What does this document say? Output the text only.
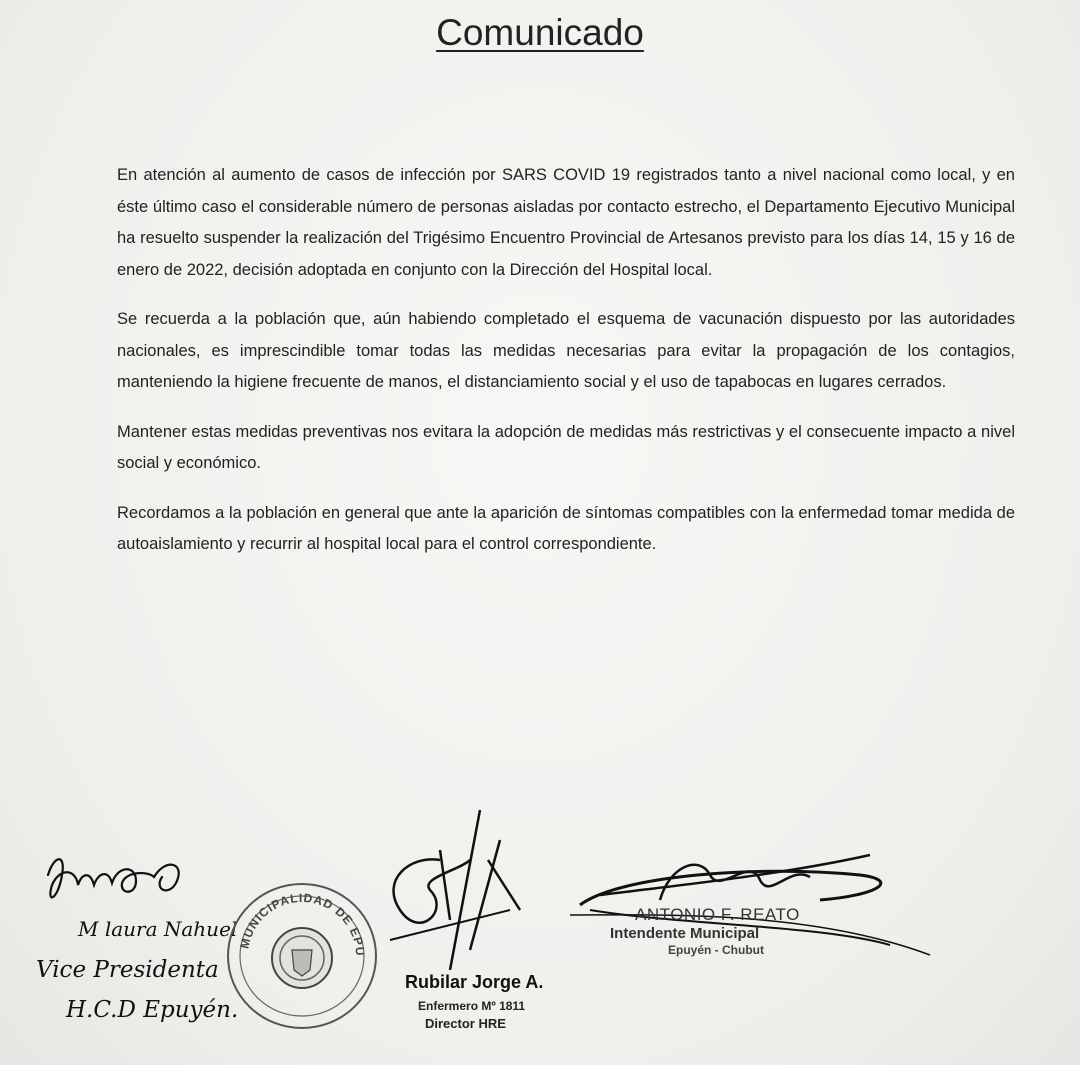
Comunicado

En atención al aumento de casos de infección por SARS COVID 19 registrados tanto a nivel nacional como local, y en éste último caso el considerable número de personas aisladas por contacto estrecho, el Departamento Ejecutivo Municipal ha resuelto suspender la realización del Trigésimo Encuentro Provincial de Artesanos previsto para los días 14, 15 y 16 de enero de 2022, decisión adoptada en conjunto con la Dirección del Hospital local.

Se recuerda a la población que, aún habiendo completado el esquema de vacunación dispuesto por las autoridades nacionales, es imprescindible tomar todas las medidas necesarias para evitar la propagación de los contagios, manteniendo la higiene frecuente de manos, el distanciamiento social y el uso de tapabocas en lugares cerrados.

Mantener estas medidas preventivas nos evitara la adopción de medidas más restrictivas y el consecuente impacto a nivel social y económico.

Recordamos a la población en general que ante la aparición de síntomas compatibles con la enfermedad tomar medida de autoaislamiento y recurrir al hospital local para el control correspondiente.

M laura Nahuel
Vice Presidenta
H.C.D Epuyén.
MUNICIPALIDAD DE EPU
Rubilar Jorge A.
Enfermero Mº 1811
Director HRE
ANTONIO F. REATO
Intendente Municipal
Epuyén - Chubut
